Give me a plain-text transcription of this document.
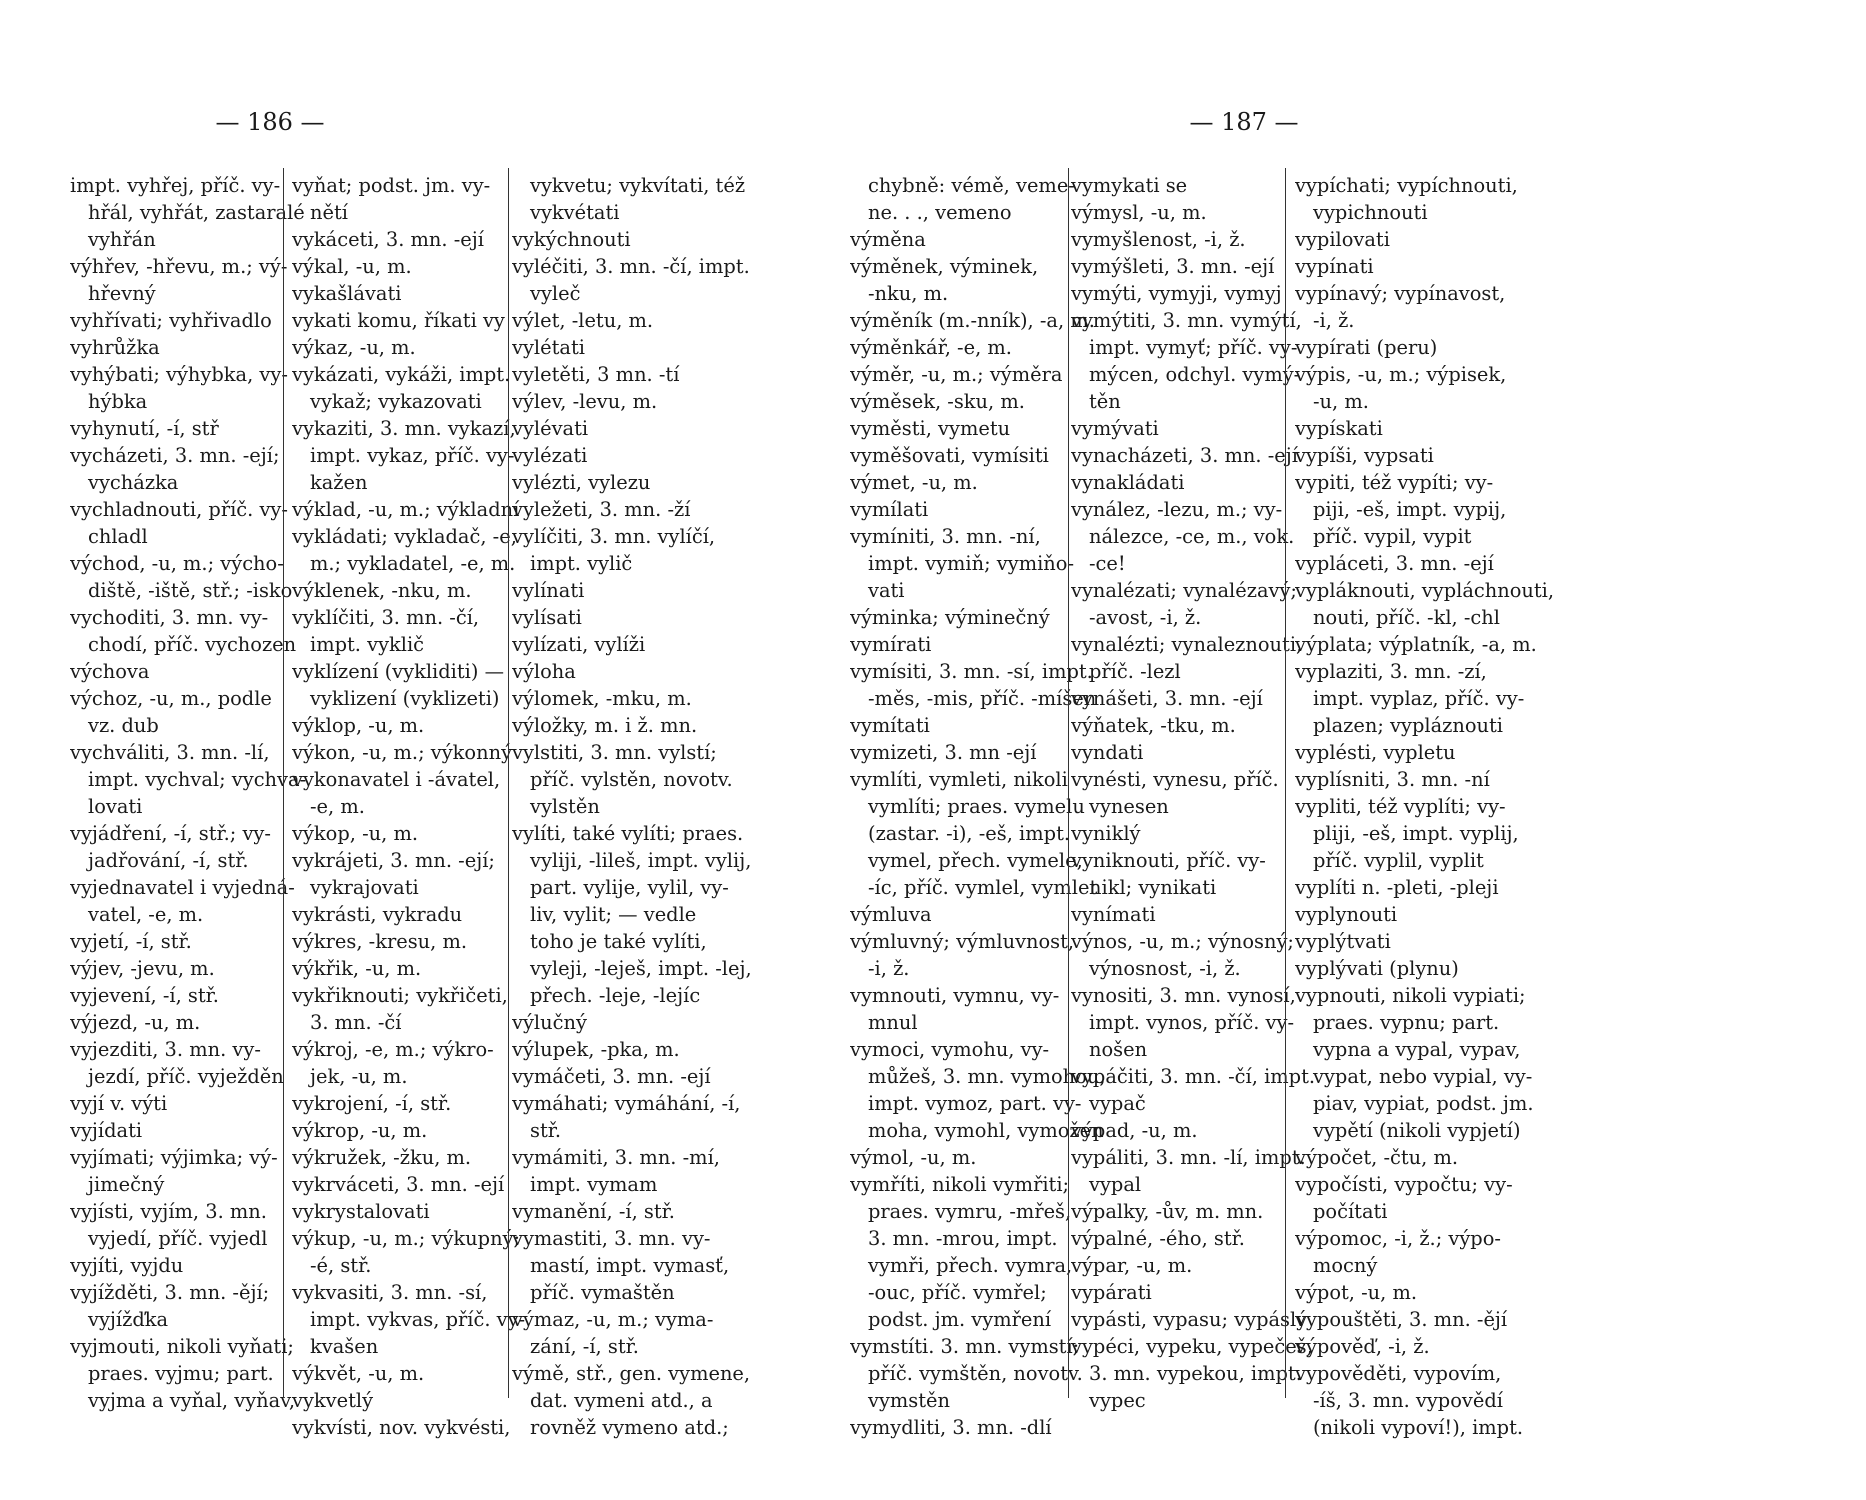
— 186 —
impt. vyhřej, příč. vy-
hřál, vyhřát, zastaralé
vyhřán
výhřev, -hřevu, m.; vý-
hřevný
vyhřívati; vyhřivadlo
vyhrůžka
vyhýbati; výhybka, vy-
hýbka
vyhynutí, -í, stř
vycházeti, 3. mn. -ejí;
vycházka
vychladnouti, příč. vy-
chladl
východ, -u, m.; výcho-
diště, -iště, stř.; -isko
vychoditi, 3. mn. vy-
chodí, příč. vychozen
výchova
výchoz, -u, m., podle
vz. dub
vychváliti, 3. mn. -lí,
impt. vychval; vychva-
lovati
vyjádření, -í, stř.; vy-
jadřování, -í, stř.
vyjednavatel i vyjedná-
vatel, -e, m.
vyjetí, -í, stř.
výjev, -jevu, m.
vyjevení, -í, stř.
výjezd, -u, m.
vyjezditi, 3. mn. vy-
jezdí, příč. vyježděn
vyjí v. výti
vyjídati
vyjímati; výjimka; vý-
jimečný
vyjísti, vyjím, 3. mn.
vyjedí, příč. vyjedl
vyjíti, vyjdu
vyjížděti, 3. mn. -ějí;
vyjížďka
vyjmouti, nikoli vyňati;
praes. vyjmu; part.
vyjma a vyňal, vyňav,
vyňat; podst. jm. vy-
nětí
vykáceti, 3. mn. -ejí
výkal, -u, m.
vykašlávati
vykati komu, říkati vy
výkaz, -u, m.
vykázati, vykáži, impt.
vykaž; vykazovati
vykaziti, 3. mn. vykazí,
impt. vykaz, příč. vy-
kažen
výklad, -u, m.; výkladní
vykládati; vykladač, -e,
m.; vykladatel, -e, m.
výklenek, -nku, m.
vyklíčiti, 3. mn. -čí,
impt. vyklič
vyklízení (vykliditi) —
vyklizení (vyklizeti)
výklop, -u, m.
výkon, -u, m.; výkonný
vykonavatel i -ávatel,
-e, m.
výkop, -u, m.
vykrájeti, 3. mn. -ejí;
vykrajovati
vykrásti, vykradu
výkres, -kresu, m.
výkřik, -u, m.
vykřiknouti; vykřičeti,
3. mn. -čí
výkroj, -e, m.; výkro-
jek, -u, m.
vykrojení, -í, stř.
výkrop, -u, m.
výkružek, -žku, m.
vykrváceti, 3. mn. -ejí
vykrystalovati
výkup, -u, m.; výkupný;
-é, stř.
vykvasiti, 3. mn. -sí,
impt. vykvas, příč. vy-
kvašen
výkvět, -u, m.
vykvetlý
vykvísti, nov. vykvésti,
vykvetu; vykvítati, též
vykvétati
vykýchnouti
vyléčiti, 3. mn. -čí, impt.
vyleč
výlet, -letu, m.
vylétati
vyletěti, 3 mn. -tí
výlev, -levu, m.
vylévati
vylézati
vylézti, vylezu
vyležeti, 3. mn. -ží
vylíčiti, 3. mn. vylíčí,
impt. vylič
vylínati
vylísati
vylízati, vylíži
výloha
výlomek, -mku, m.
výložky, m. i ž. mn.
vylstiti, 3. mn. vylstí;
příč. vylstěn, novotv.
vylstěn
vylíti, také vylíti; praes.
vyliji, -lileš, impt. vylij,
part. vylije, vylil, vy-
liv, vylit; — vedle
toho je také vylíti,
vyleji, -leješ, impt. -lej,
přech. -leje, -lejíc
výlučný
výlupek, -pka, m.
vymáčeti, 3. mn. -ejí
vymáhati; vymáhání, -í,
stř.
vymámiti, 3. mn. -mí,
impt. vymam
vymanění, -í, stř.
vymastiti, 3. mn. vy-
mastí, impt. vymasť,
příč. vymaštěn
výmaz, -u, m.; vyma-
zání, -í, stř.
výmě, stř., gen. vymene,
dat. vymeni atd., a
rovněž vymeno atd.;
— 187 —
chybně: vémě, veme-
ne. . ., vemeno
výměna
výměnek, výminek,
-nku, m.
výměník (m.-nník), -a, m.
výměnkář, -e, m.
výměr, -u, m.; výměra
výměsek, -sku, m.
vyměsti, vymetu
vyměšovati, vymísiti
výmet, -u, m.
vymílati
vymíniti, 3. mn. -ní,
impt. vymiň; vymiňo-
vati
výminka; výminečný
vymírati
vymísiti, 3. mn. -sí, impt.
-měs, -mis, příč. -míšen
vymítati
vymizeti, 3. mn -ejí
vymlíti, vymleti, nikoli
vymlíti; praes. vymelu
(zastar. -i), -eš, impt.
vymel, přech. vymele,
-íc, příč. vymlel, vymlet
výmluva
výmluvný; výmluvnost,
-i, ž.
vymnouti, vymnu, vy-
mnul
vymoci, vymohu, vy-
můžeš, 3. mn. vymohou,
impt. vymoz, part. vy-
moha, vymohl, vymožen
výmol, -u, m.
vymříti, nikoli vymřiti;
praes. vymru, -mřeš,
3. mn. -mrou, impt.
vymři, přech. vymra,
-ouc, příč. vymřel;
podst. jm. vymření
vymstíti. 3. mn. vymstí;
příč. vymštěn, novotv.
vymstěn
vymydliti, 3. mn. -dlí
vymykati se
výmysl, -u, m.
vymyšlenost, -i, ž.
vymýšleti, 3. mn. -ejí
vymýti, vymyji, vymyj
vymýtiti, 3. mn. vymýtí,
impt. vymyť; příč. vy-
mýcen, odchyl. vymý-
těn
vymývati
vynacházeti, 3. mn. -ejí
vynakládati
vynález, -lezu, m.; vy-
nálezce, -ce, m., vok.
-ce!
vynalézati; vynalézavý;
-avost, -i, ž.
vynalézti; vynaleznouti,
příč. -lezl
vynášeti, 3. mn. -ejí
výňatek, -tku, m.
vyndati
vynésti, vynesu, příč.
vynesen
vyniklý
vyniknouti, příč. vy-
nikl; vynikati
vynímati
výnos, -u, m.; výnosný;
výnosnost, -i, ž.
vynositi, 3. mn. vynosí,
impt. vynos, příč. vy-
nošen
vypáčiti, 3. mn. -čí, impt.
vypač
výpad, -u, m.
vypáliti, 3. mn. -lí, impt.
vypal
výpalky, -ův, m. mn.
výpalné, -ého, stř.
výpar, -u, m.
vypárati
vypásti, vypasu; vypáslý
vypéci, vypeku, vypečeš,
3. mn. vypekou, impt.
vypec
vypíchati; vypíchnouti,
vypichnouti
vypilovati
vypínati
vypínavý; vypínavost,
-i, ž.
vypírati (peru)
výpis, -u, m.; výpisek,
-u, m.
vypískati
vypíši, vypsati
vypiti, též vypíti; vy-
piji, -eš, impt. vypij,
příč. vypil, vypit
vypláceti, 3. mn. -ejí
vypláknouti, vypláchnouti,
nouti, příč. -kl, -chl
výplata; výplatník, -a, m.
vyplaziti, 3. mn. -zí,
impt. vyplaz, příč. vy-
plazen; vypláznouti
vyplésti, vypletu
vyplísniti, 3. mn. -ní
vypliti, též vyplíti; vy-
pliji, -eš, impt. vyplij,
příč. vyplil, vyplit
vyplíti n. -pleti, -pleji
vyplynouti
vyplýtvati
vyplývati (plynu)
vypnouti, nikoli vypiati;
praes. vypnu; part.
vypna a vypal, vypav,
vypat, nebo vypial, vy-
piav, vypiat, podst. jm.
vypětí (nikoli vypjetí)
výpočet, -čtu, m.
vypočísti, vypočtu; vy-
počítati
výpomoc, -i, ž.; výpo-
mocný
výpot, -u, m.
vypouštěti, 3. mn. -ějí
výpověď, -i, ž.
vypověděti, vypovím,
-íš, 3. mn. vypovědí
(nikoli vypoví!), impt.
